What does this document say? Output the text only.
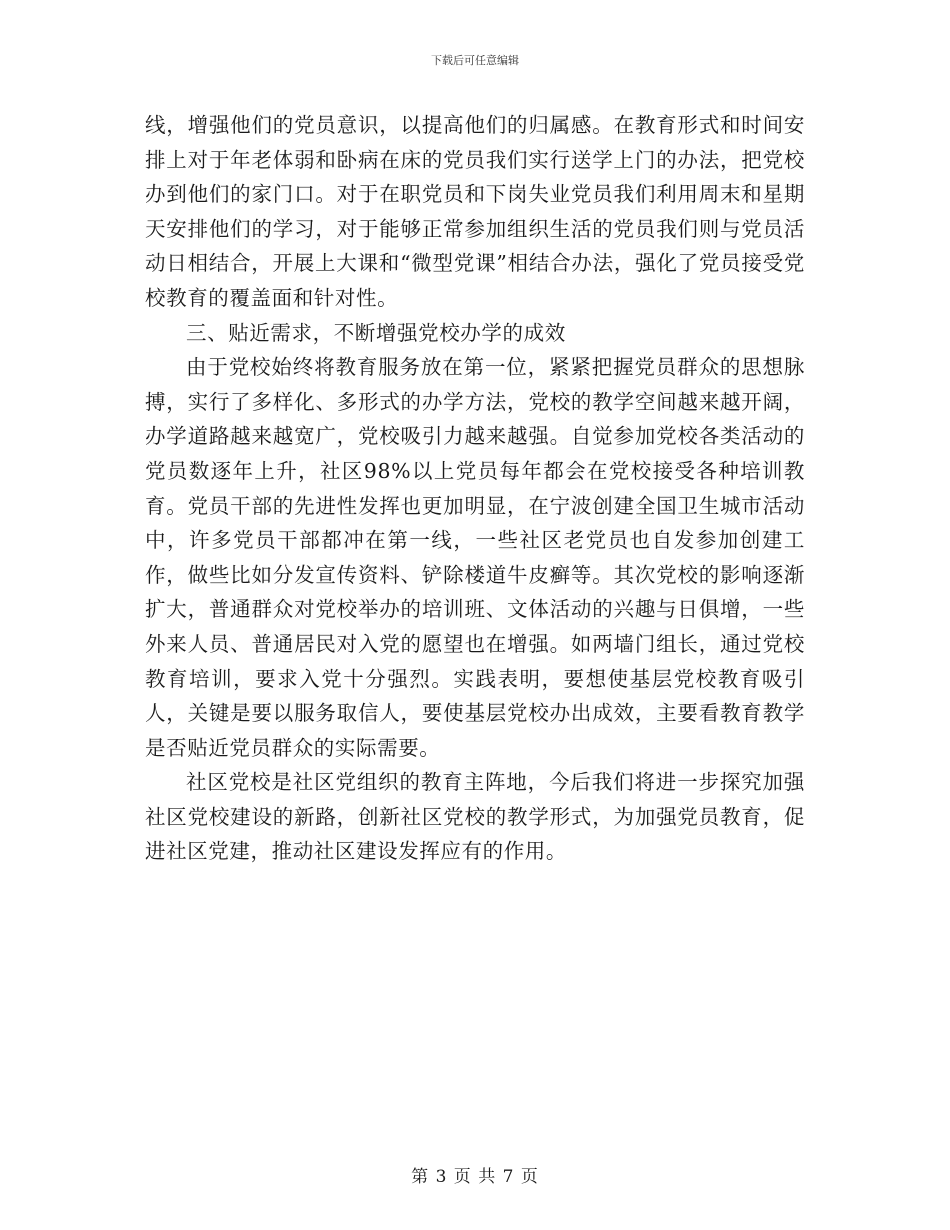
下载后可任意编辑

线，增强他们的党员意识，以提高他们的归属感。在教育形式和时间安排上对于年老体弱和卧病在床的党员我们实行送学上门的办法，把党校办到他们的家门口。对于在职党员和下岗失业党员我们利用周末和星期天安排他们的学习，对于能够正常参加组织生活的党员我们则与党员活动日相结合，开展上大课和“微型党课”相结合办法，强化了党员接受党校教育的覆盖面和针对性。

三、贴近需求，不断增强党校办学的成效

由于党校始终将教育服务放在第一位，紧紧把握党员群众的思想脉搏，实行了多样化、多形式的办学方法，党校的教学空间越来越开阔，办学道路越来越宽广，党校吸引力越来越强。自觉参加党校各类活动的党员数逐年上升，社区98%以上党员每年都会在党校接受各种培训教育。党员干部的先进性发挥也更加明显，在宁波创建全国卫生城市活动中，许多党员干部都冲在第一线，一些社区老党员也自发参加创建工作，做些比如分发宣传资料、铲除楼道牛皮癣等。其次党校的影响逐渐扩大，普通群众对党校举办的培训班、文体活动的兴趣与日俱增，一些外来人员、普通居民对入党的愿望也在增强。如两墙门组长，通过党校教育培训，要求入党十分强烈。实践表明，要想使基层党校教育吸引人，关键是要以服务取信人，要使基层党校办出成效，主要看教育教学是否贴近党员群众的实际需要。

社区党校是社区党组织的教育主阵地，今后我们将进一步探究加强社区党校建设的新路，创新社区党校的教学形式，为加强党员教育，促进社区党建，推动社区建设发挥应有的作用。

第 3 页 共 7 页
